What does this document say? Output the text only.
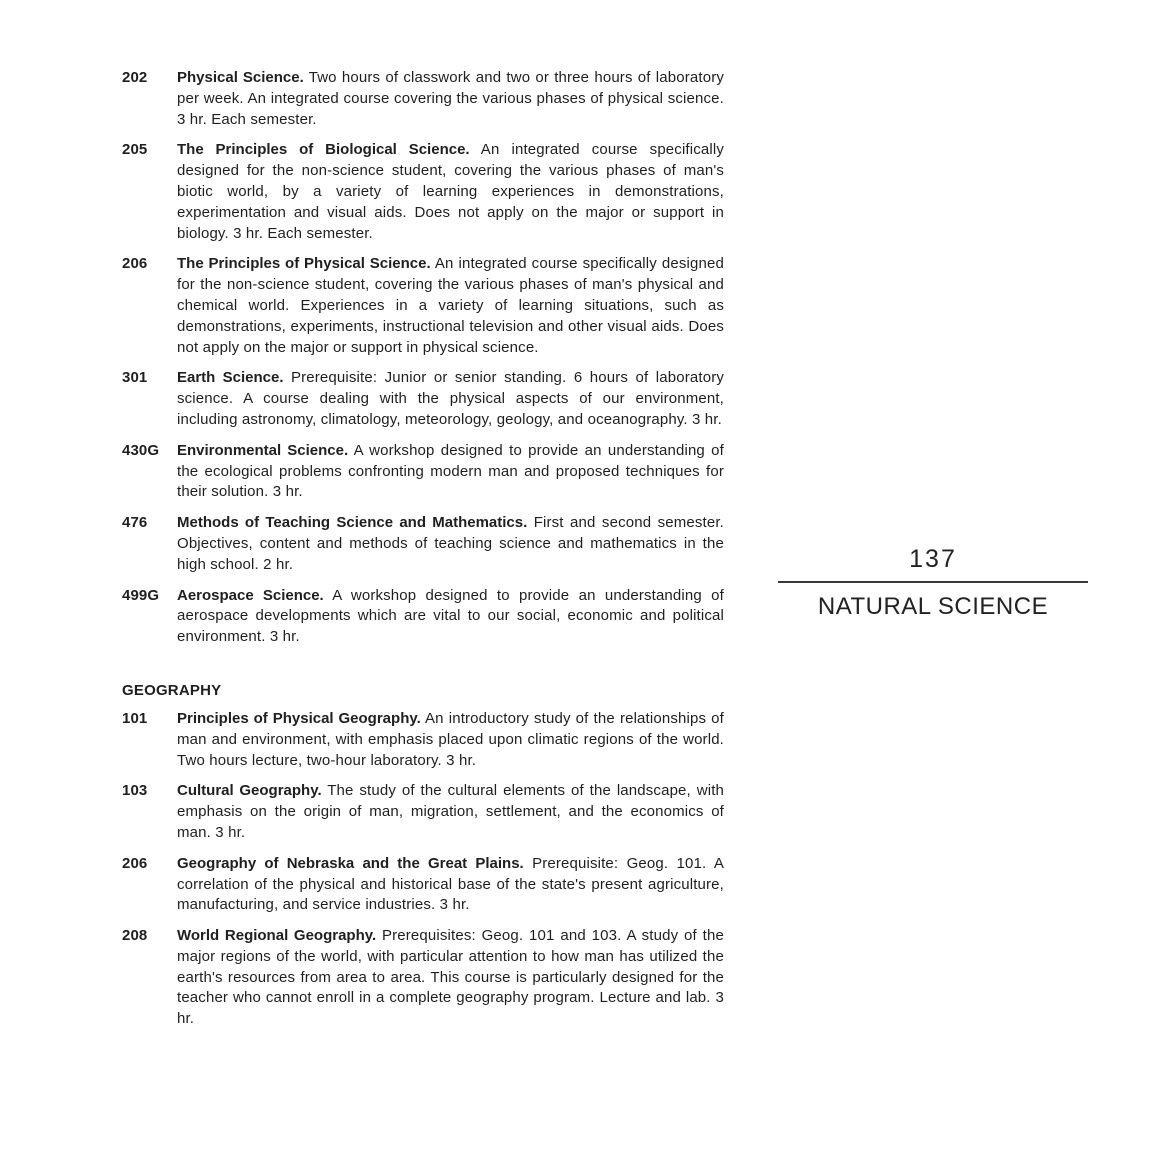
202	Physical Science. Two hours of classwork and two or three hours of laboratory per week. An integrated course covering the various phases of physical science. 3 hr. Each semester.
205	The Principles of Biological Science. An integrated course specifically designed for the non-science student, covering the various phases of man's biotic world, by a variety of learning experiences in demonstrations, experimentation and visual aids. Does not apply on the major or support in biology. 3 hr. Each semester.
206	The Principles of Physical Science. An integrated course specifically designed for the non-science student, covering the various phases of man's physical and chemical world. Experiences in a variety of learning situations, such as demonstrations, experiments, instructional television and other visual aids. Does not apply on the major or support in physical science.
301	Earth Science. Prerequisite: Junior or senior standing. 6 hours of laboratory science. A course dealing with the physical aspects of our environment, including astronomy, climatology, meteorology, geology, and oceanography. 3 hr.
430G	Environmental Science. A workshop designed to provide an understanding of the ecological problems confronting modern man and proposed techniques for their solution. 3 hr.
476	Methods of Teaching Science and Mathematics. First and second semester. Objectives, content and methods of teaching science and mathematics in the high school. 2 hr.
499G	Aerospace Science. A workshop designed to provide an understanding of aerospace developments which are vital to our social, economic and political environment. 3 hr.
GEOGRAPHY
101	Principles of Physical Geography. An introductory study of the relationships of man and environment, with emphasis placed upon climatic regions of the world. Two hours lecture, two-hour laboratory. 3 hr.
103	Cultural Geography. The study of the cultural elements of the landscape, with emphasis on the origin of man, migration, settlement, and the economics of man. 3 hr.
206	Geography of Nebraska and the Great Plains. Prerequisite: Geog. 101. A correlation of the physical and historical base of the state's present agriculture, manufacturing, and service industries. 3 hr.
208	World Regional Geography. Prerequisites: Geog. 101 and 103. A study of the major regions of the world, with particular attention to how man has utilized the earth's resources from area to area. This course is particularly designed for the teacher who cannot enroll in a complete geography program. Lecture and lab. 3 hr.
137
NATURAL SCIENCE
